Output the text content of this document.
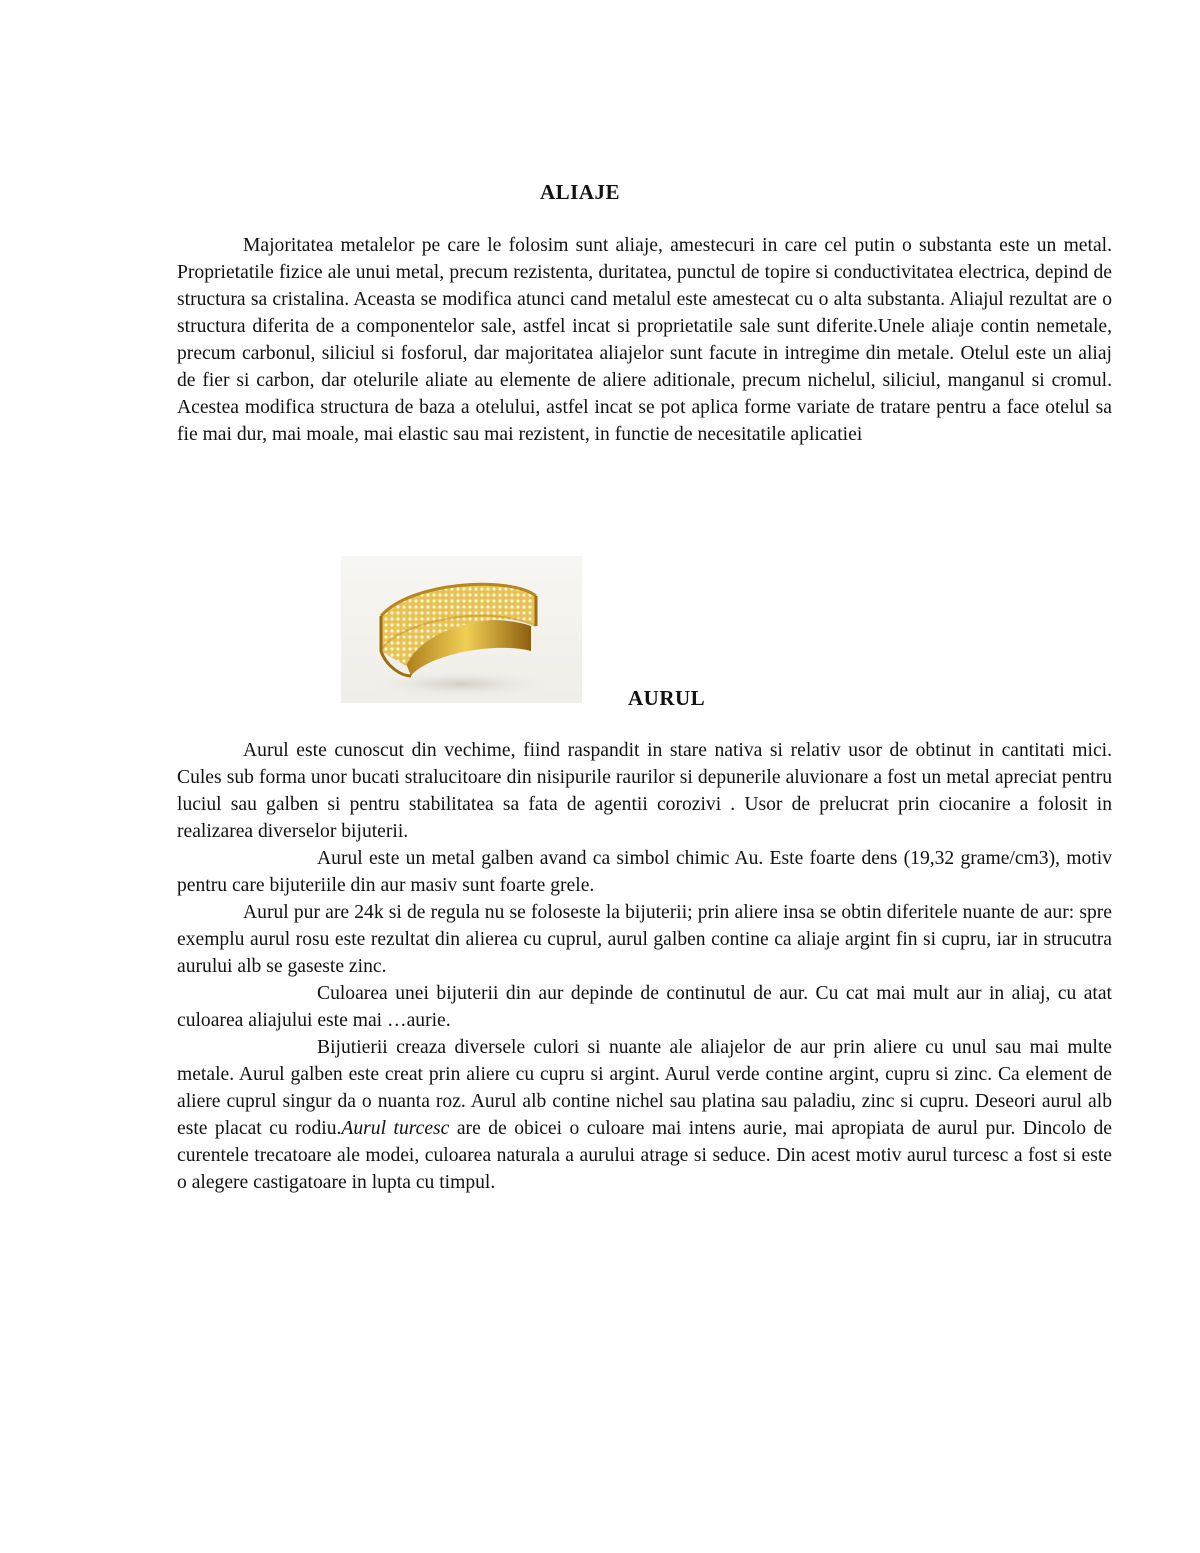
ALIAJE

Majoritatea metalelor pe care le folosim sunt aliaje, amestecuri in care cel putin o substanta este un metal. Proprietatile fizice ale unui metal, precum rezistenta, duritatea, punctul de topire si conductivitatea electrica, depind de structura sa cristalina. Aceasta se modifica atunci cand metalul este amestecat cu o alta substanta. Aliajul rezultat are o structura diferita de a componentelor sale, astfel incat si proprietatile sale sunt diferite.Unele aliaje contin nemetale, precum carbonul, siliciul si fosforul, dar majoritatea aliajelor sunt facute in intregime din metale. Otelul este un aliaj de fier si carbon, dar otelurile aliate au elemente de aliere aditionale, precum nichelul, siliciul, manganul si cromul. Acestea modifica structura de baza a otelului, astfel incat se pot aplica forme variate de tratare pentru a face otelul sa fie mai dur, mai moale, mai elastic sau mai rezistent, in functie de necesitatile aplicatiei

AURUL

Aurul este cunoscut din vechime, fiind raspandit in stare nativa si relativ usor de obtinut in cantitati mici. Cules sub forma unor bucati stralucitoare din nisipurile raurilor si depunerile aluvionare a fost un metal apreciat pentru luciul sau galben si pentru stabilitatea sa fata de agentii corozivi . Usor de prelucrat prin ciocanire a folosit in realizarea diverselor bijuterii.

Aurul este un metal galben avand ca simbol chimic Au. Este foarte dens (19,32 grame/cm3), motiv pentru care bijuteriile din aur masiv sunt foarte grele.

Aurul pur are 24k si de regula nu se foloseste la bijuterii; prin aliere insa se obtin diferitele nuante de aur: spre exemplu aurul rosu este rezultat din alierea cu cuprul, aurul galben contine ca aliaje argint fin si cupru, iar in strucutra aurului alb se gaseste zinc.

Culoarea unei bijuterii din aur depinde de continutul de aur. Cu cat mai mult aur in aliaj, cu atat culoarea aliajului este mai …aurie.

Bijutierii creaza diversele culori si nuante ale aliajelor de aur prin aliere cu unul sau mai multe metale. Aurul galben este creat prin aliere cu cupru si argint. Aurul verde contine argint, cupru si zinc. Ca element de aliere cuprul singur da o nuanta roz. Aurul alb contine nichel sau platina sau paladiu, zinc si cupru. Deseori aurul alb este placat cu rodiu.Aurul turcesc are de obicei o culoare mai intens aurie, mai apropiata de aurul pur. Dincolo de curentele trecatoare ale modei, culoarea naturala a aurului atrage si seduce. Din acest motiv aurul turcesc a fost si este o alegere castigatoare in lupta cu timpul.
